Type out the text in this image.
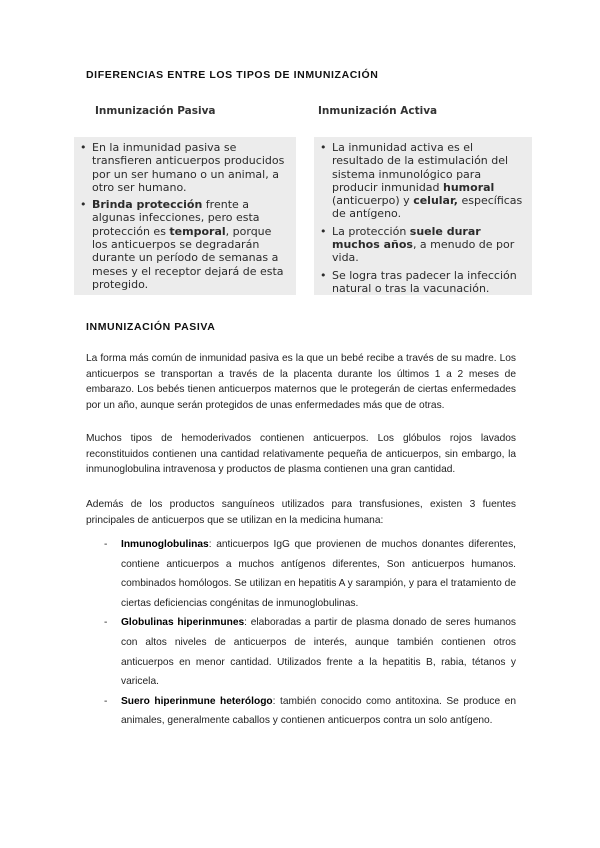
DIFERENCIAS ENTRE LOS TIPOS DE INMUNIZACIÓN
Inmunización Pasiva	Inmunización Activa
• En la inmunidad pasiva se transfieren anticuerpos producidos por un ser humano o un animal, a otro ser humano.
• Brinda protección frente a algunas infecciones, pero esta protección es temporal, porque los anticuerpos se degradarán durante un período de semanas a meses y el receptor dejará de esta protegido.
• La inmunidad activa es el resultado de la estimulación del sistema inmunológico para producir inmunidad humoral (anticuerpo) y celular, específicas de antígeno.
• La protección suele durar muchos años, a menudo de por vida.
• Se logra tras padecer la infección natural o tras la vacunación.
INMUNIZACIÓN PASIVA

La forma más común de inmunidad pasiva es la que un bebé recibe a través de su madre. Los anticuerpos se transportan a través de la placenta durante los últimos 1 a 2 meses de embarazo. Los bebés tienen anticuerpos maternos que le protegerán de ciertas enfermedades por un año, aunque serán protegidos de unas enfermedades más que de otras.

Muchos tipos de hemoderivados contienen anticuerpos. Los glóbulos rojos lavados reconstituidos contienen una cantidad relativamente pequeña de anticuerpos, sin embargo, la inmunoglobulina intravenosa y productos de plasma contienen una gran cantidad.

Además de los productos sanguíneos utilizados para transfusiones, existen 3 fuentes principales de anticuerpos que se utilizan en la medicina humana:

- Inmunoglobulinas: anticuerpos IgG que provienen de muchos donantes diferentes, contiene anticuerpos a muchos antígenos diferentes, Son anticuerpos humanos. combinados homólogos. Se utilizan en hepatitis A y sarampión, y para el tratamiento de ciertas deficiencias congénitas de inmunoglobulinas.
- Globulinas hiperinmunes: elaboradas a partir de plasma donado de seres humanos con altos niveles de anticuerpos de interés, aunque también contienen otros anticuerpos en menor cantidad. Utilizados frente a la hepatitis B, rabia, tétanos y varicela.
- Suero hiperinmune heterólogo: también conocido como antitoxina. Se produce en animales, generalmente caballos y contienen anticuerpos contra un solo antígeno.
